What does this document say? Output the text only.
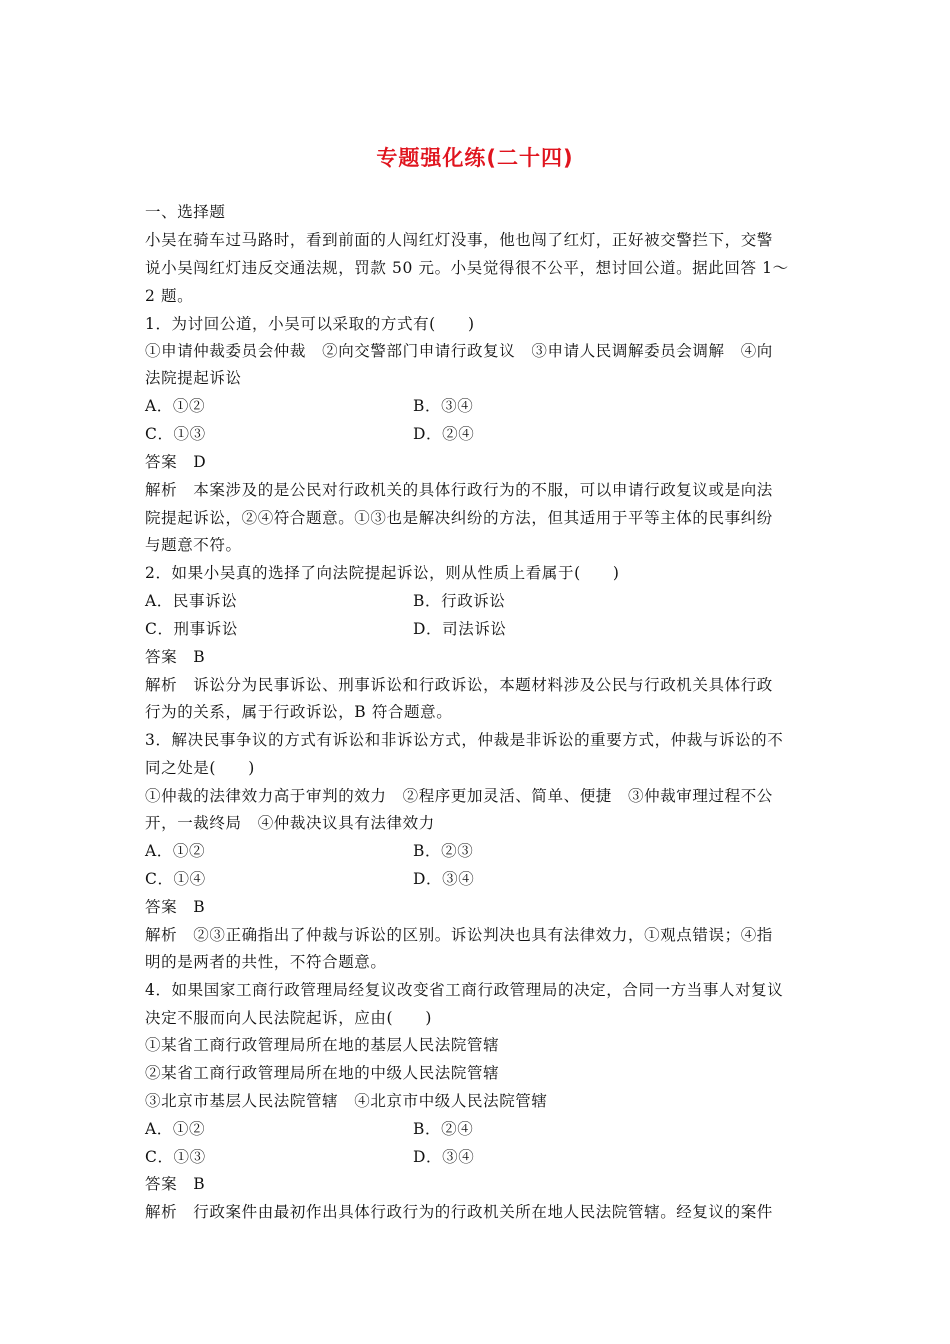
专题强化练(二十四)
一、选择题
小吴在骑车过马路时，看到前面的人闯红灯没事，他也闯了红灯，正好被交警拦下，交警
说小吴闯红灯违反交通法规，罚款 50 元。小吴觉得很不公平，想讨回公道。据此回答 1～
2 题。
1．为讨回公道，小吴可以采取的方式有(　　)
①申请仲裁委员会仲裁　②向交警部门申请行政复议　③申请人民调解委员会调解　④向
法院提起诉讼
A．①②	B．③④
C．①③	D．②④
答案　D
解析　本案涉及的是公民对行政机关的具体行政行为的不服，可以申请行政复议或是向法
院提起诉讼，②④符合题意。①③也是解决纠纷的方法，但其适用于平等主体的民事纠纷
与题意不符。
2．如果小吴真的选择了向法院提起诉讼，则从性质上看属于(　　)
A．民事诉讼	B．行政诉讼
C．刑事诉讼	D．司法诉讼
答案　B
解析　诉讼分为民事诉讼、刑事诉讼和行政诉讼，本题材料涉及公民与行政机关具体行政
行为的关系，属于行政诉讼，B 符合题意。
3．解决民事争议的方式有诉讼和非诉讼方式，仲裁是非诉讼的重要方式，仲裁与诉讼的不
同之处是(　　)
①仲裁的法律效力高于审判的效力　②程序更加灵活、简单、便捷　③仲裁审理过程不公
开，一裁终局　④仲裁决议具有法律效力
A．①②	B．②③
C．①④	D．③④
答案　B
解析　②③正确指出了仲裁与诉讼的区别。诉讼判决也具有法律效力，①观点错误；④指
明的是两者的共性，不符合题意。
4．如果国家工商行政管理局经复议改变省工商行政管理局的决定，合同一方当事人对复议
决定不服而向人民法院起诉，应由(　　)
①某省工商行政管理局所在地的基层人民法院管辖
②某省工商行政管理局所在地的中级人民法院管辖
③北京市基层人民法院管辖　④北京市中级人民法院管辖
A．①②	B．②④
C．①③	D．③④
答案　B
解析　行政案件由最初作出具体行政行为的行政机关所在地人民法院管辖。经复议的案件
